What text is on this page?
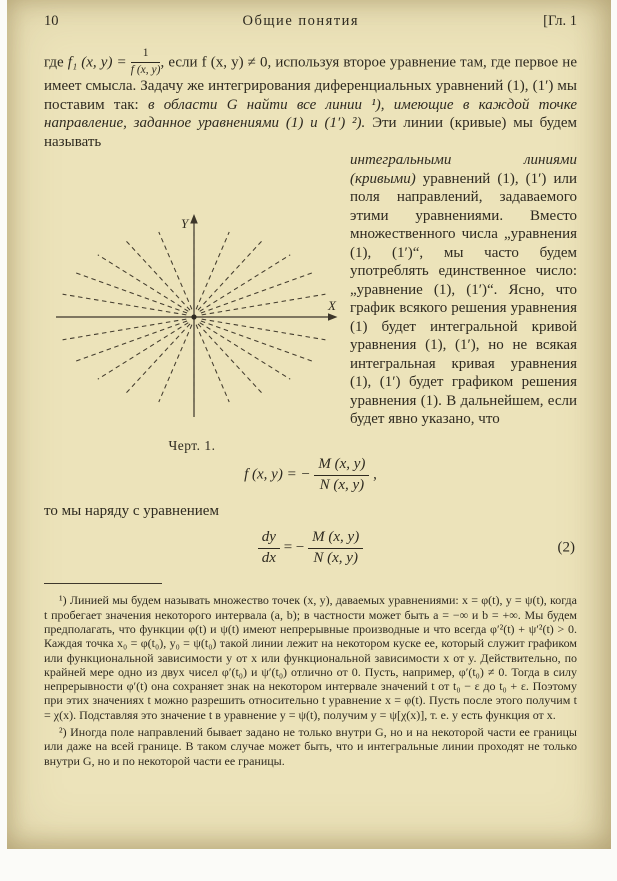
10	Общие понятия	[Гл. 1

где f₁ (x, $y) = \frac{1}{f (x, y)}$ , если f (x, y) ≠ 0, используя второе уравнение там, где первое не имеет смысла. Задачу же интегрирования диференциальных уравнений (1), (1′) мы поставим так: в области G найти все линии ¹), имеющие в каждой точке направление, заданное уравнениями (1) и (1′) ²). Эти линии (кривые) мы будем называть

Y
X
Черт. 1.

интегральными линиями (кривыми) уравнений (1), (1′) или поля направлений, задаваемого этими уравнениями. Вместо множественного числа „уравнения (1), (1′)“, мы часто будем употреблять единственное число: „уравнение (1), (1′)“. Ясно, что график всякого решения уравнения (1) будет интегральной кривой уравнения (1), (1′), но не всякая интегральная кривая уравнения (1), (1′) будет графиком решения уравнения (1). В дальнейшем, если будет явно указано, что

f (x, y) = − $\frac{M (x, y)}{N (x, y)}$ ,

то мы наряду с уравнением

$\frac{dy}{dx}$ = − $\frac{M (x, y)}{N (x, y)}$	(2)

¹) Линией мы будем называть множество точек (x, y), даваемых уравнениями: x = φ(t), y = ψ(t), когда t пробегает значения некоторого интервала (a, b); в частности может быть a = −∞ и b = +∞. Мы будем предполагать, что функции φ(t) и ψ(t) имеют непрерывные производные и что всегда φ′²(t) + ψ′²(t) > 0. Каждая точка x₀ = φ(t₀), y₀ = ψ(t₀) такой линии лежит на некотором куске ее, который служит графиком или функциональной зависимости y от x или функциональной зависимости x от y. Действительно, по крайней мере одно из двух чисел φ′(t₀) и ψ′(t₀) отлично от 0. Пусть, например, φ′(t₀) ≠ 0. Тогда в силу непрерывности φ′(t) она сохраняет знак на некотором интервале значений t от t₀ − ε до t₀ + ε. Поэтому при этих значениях t можно разрешить относительно t уравнение x = φ(t). Пусть после этого получим t = χ(x). Подставляя это значение t в уравнение y = ψ(t), получим y = ψ[χ(x)], т. е. y есть функция от x.

²) Иногда поле направлений бывает задано не только внутри G, но и на некоторой части ее границы или даже на всей границе. В таком случае может быть, что и интегральные линии проходят не только внутри G, но и по некоторой части ее границы.
